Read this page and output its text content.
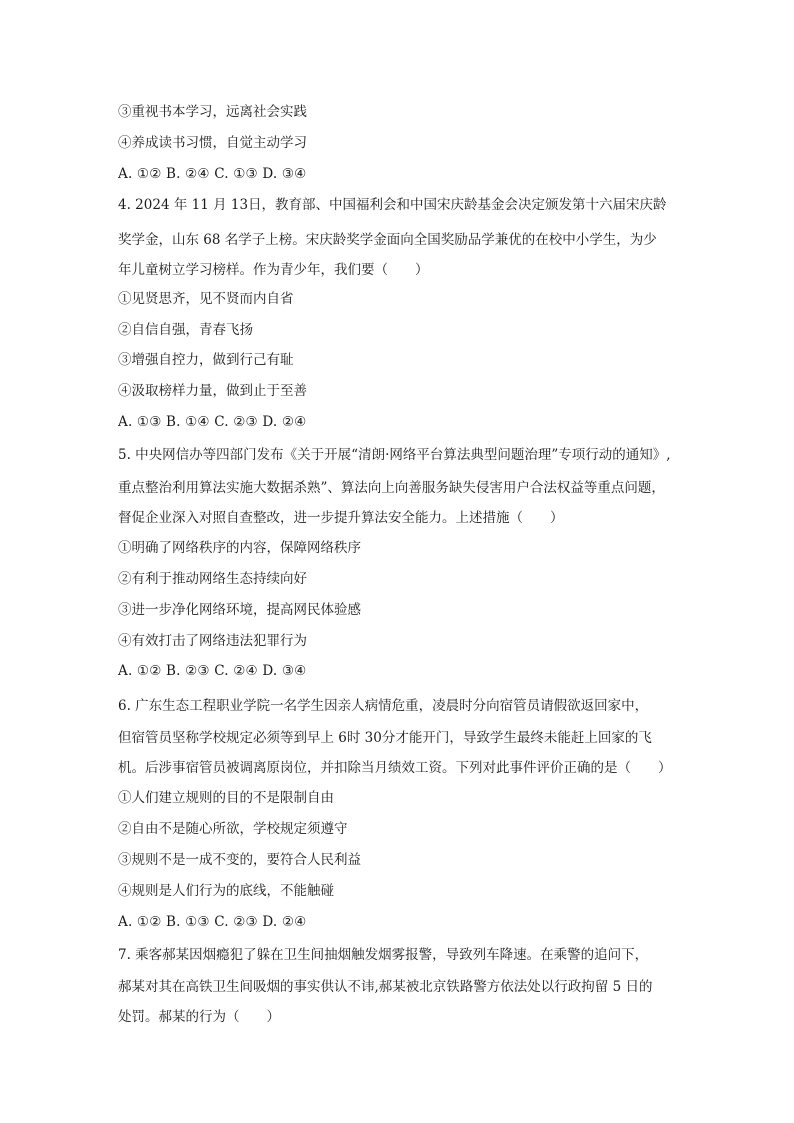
③重视书本学习，远离社会实践
④养成读书习惯，自觉主动学习
A. ①② B. ②④ C. ①③ D. ③④
4. 2024 年 11 月 13日，教育部、中国福利会和中国宋庆龄基金会决定颁发第十六届宋庆龄
奖学金，山东 68 名学子上榜。宋庆龄奖学金面向全国奖励品学兼优的在校中小学生，为少
年儿童树立学习榜样。作为青少年，我们要（　　）
①见贤思齐，见不贤而内自省
②自信自强，青春飞扬
③增强自控力，做到行己有耻
④汲取榜样力量，做到止于至善
A. ①③ B. ①④ C. ②③ D. ②④
5. 中央网信办等四部门发布《关于开展“清朗·网络平台算法典型问题治理”专项行动的通知》,
重点整治利用算法实施大数据杀熟”、算法向上向善服务缺失侵害用户合法权益等重点问题，
督促企业深入对照自查整改，进一步提升算法安全能力。上述措施（　　）
①明确了网络秩序的内容，保障网络秩序
②有利于推动网络生态持续向好
③进一步净化网络环境，提高网民体验感
④有效打击了网络违法犯罪行为
A. ①② B. ②③ C. ②④ D. ③④
6. 广东生态工程职业学院一名学生因亲人病情危重，凌晨时分向宿管员请假欲返回家中，
但宿管员坚称学校规定必须等到早上 6时 30分才能开门，导致学生最终未能赶上回家的飞
机。后涉事宿管员被调离原岗位，并扣除当月绩效工资。下列对此事件评价正确的是（　　）
①人们建立规则的目的不是限制自由
②自由不是随心所欲，学校规定须遵守
③规则不是一成不变的，要符合人民利益
④规则是人们行为的底线，不能触碰
A. ①② B. ①③ C. ②③ D. ②④
7. 乘客郝某因烟瘾犯了躲在卫生间抽烟触发烟雾报警，导致列车降速。在乘警的追问下，
郝某对其在高铁卫生间吸烟的事实供认不讳,郝某被北京铁路警方依法处以行政拘留 5 日的
处罚。郝某的行为（　　）
